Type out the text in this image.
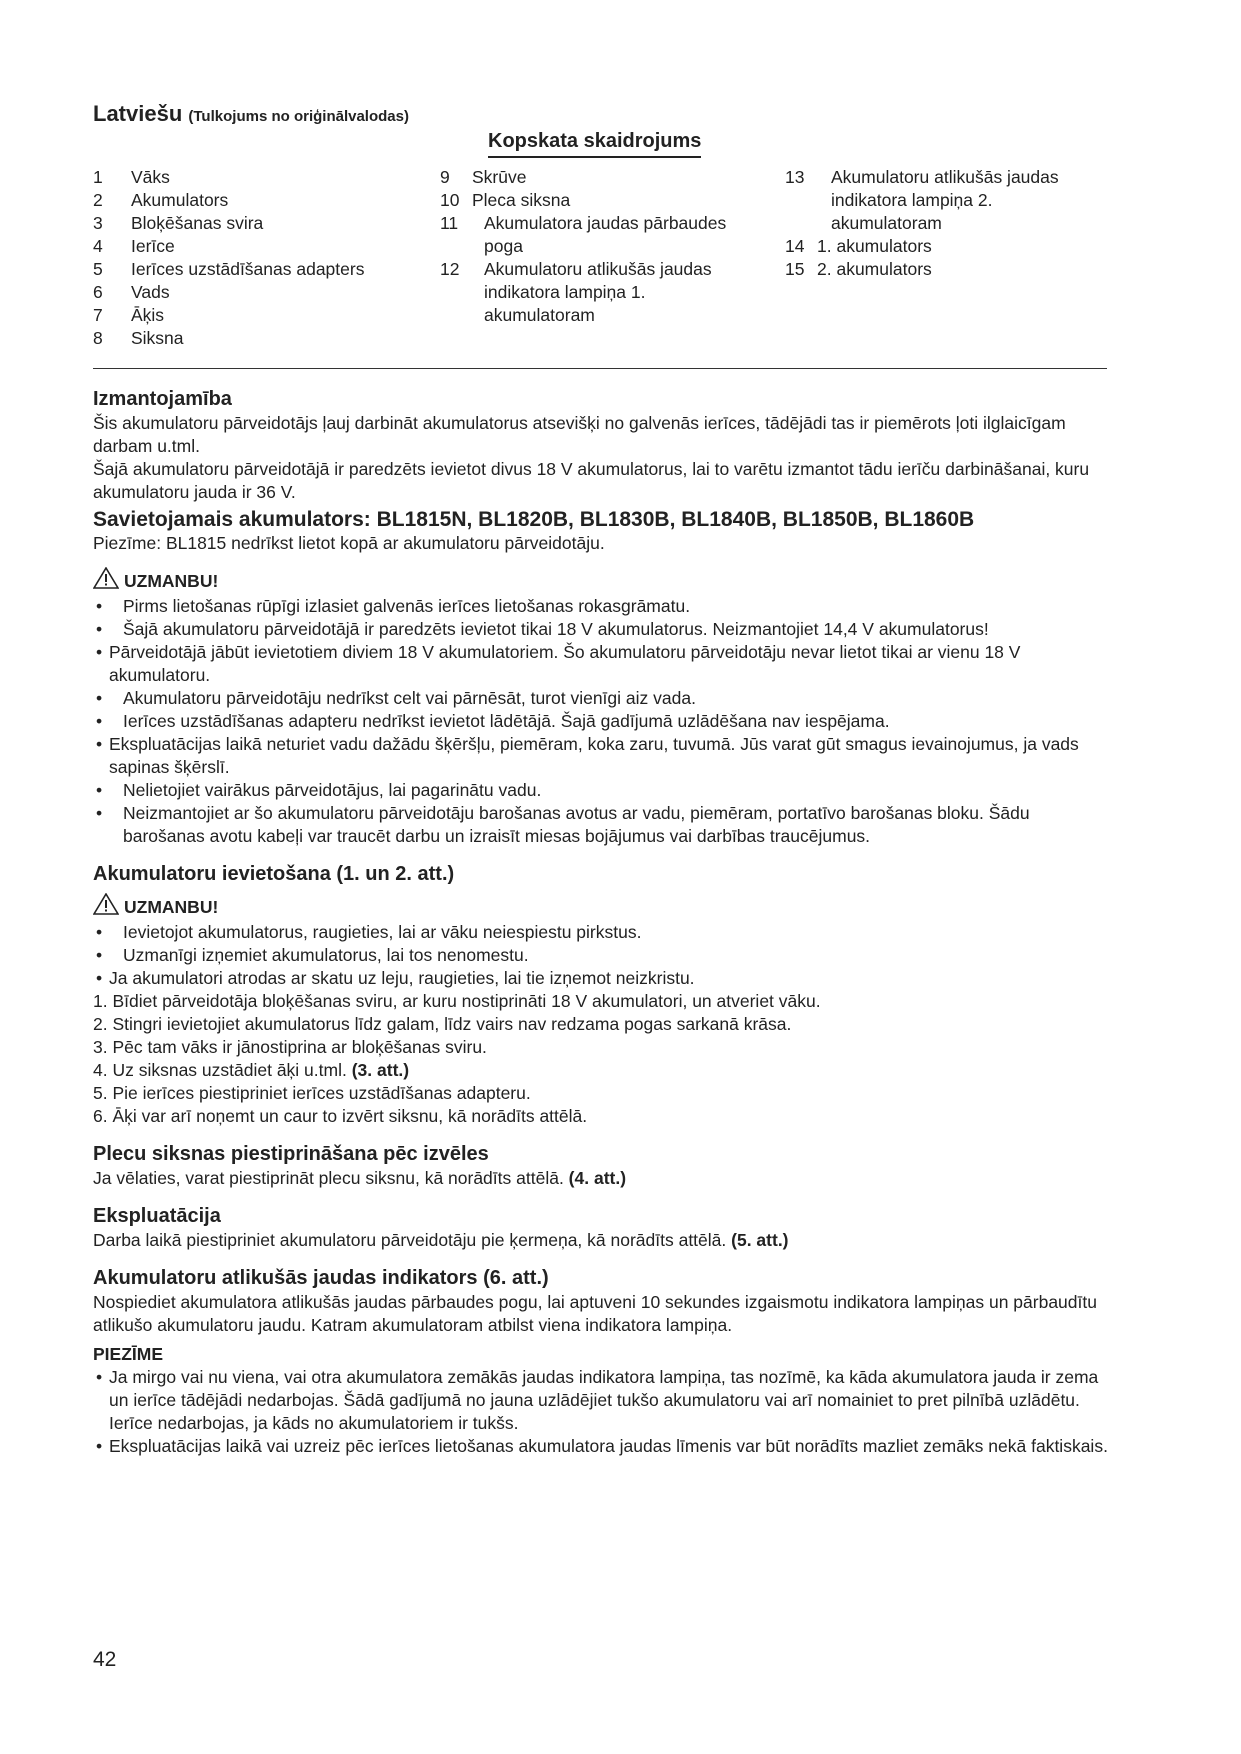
Latviešu (Tulkojums no oriģinālvalodas)
Kopskata skaidrojums
1	Vāks
2	Akumulators
3	Bloķēšanas svira
4	Ierīce
5	Ierīces uzstādīšanas adapters
6	Vads
7	Āķis
8	Siksna
9	Skrūve
10 Pleca siksna
11	Akumulatora jaudas pārbaudes poga
12	Akumulatoru atlikušās jaudas indikatora lampiņa 1. akumulatoram
13	Akumulatoru atlikušās jaudas indikatora lampiņa 2. akumulatoram
14 1. akumulators
15 2. akumulators
Izmantojamība

Šis akumulatoru pārveidotājs ļauj darbināt akumulatorus atsevišķi no galvenās ierīces, tādējādi tas ir piemērots ļoti ilglaicīgam darbam u.tml.

Šajā akumulatoru pārveidotājā ir paredzēts ievietot divus 18 V akumulatorus, lai to varētu izmantot tādu ierīču darbināšanai, kuru akumulatoru jauda ir 36 V.

Savietojamais akumulators: BL1815N, BL1820B, BL1830B, BL1840B, BL1850B, BL1860B

Piezīme: BL1815 nedrīkst lietot kopā ar akumulatoru pārveidotāju.

UZMANBU!
• Pirms lietošanas rūpīgi izlasiet galvenās ierīces lietošanas rokasgrāmatu.
• Šajā akumulatoru pārveidotājā ir paredzēts ievietot tikai 18 V akumulatorus. Neizmantojiet 14,4 V akumulatorus!
• Pārveidotājā jābūt ievietotiem diviem 18 V akumulatoriem. Šo akumulatoru pārveidotāju nevar lietot tikai ar vienu 18 V akumulatoru.
• Akumulatoru pārveidotāju nedrīkst celt vai pārnēsāt, turot vienīgi aiz vada.
• Ierīces uzstādīšanas adapteru nedrīkst ievietot lādētājā. Šajā gadījumā uzlādēšana nav iespējama.
• Ekspluatācijas laikā neturiet vadu dažādu šķēršļu, piemēram, koka zaru, tuvumā. Jūs varat gūt smagus ievainojumus, ja vads sapinas šķērslī.
• Nelietojiet vairākus pārveidotājus, lai pagarinātu vadu.
• Neizmantojiet ar šo akumulatoru pārveidotāju barošanas avotus ar vadu, piemēram, portatīvo barošanas bloku. Šādu barošanas avotu kabeļi var traucēt darbu un izraisīt miesas bojājumus vai darbības traucējumus.
Akumulatoru ievietošana (1. un 2. att.)
UZMANBU!
• Ievietojot akumulatorus, raugieties, lai ar vāku neiespiestu pirkstus.
• Uzmanīgi izņemiet akumulatorus, lai tos nenomestu.
• Ja akumulatori atrodas ar skatu uz leju, raugieties, lai tie izņemot neizkristu.
1. Bīdiet pārveidotāja bloķēšanas sviru, ar kuru nostiprināti 18 V akumulatori, un atveriet vāku.
2. Stingri ievietojiet akumulatorus līdz galam, līdz vairs nav redzama pogas sarkanā krāsa.
3. Pēc tam vāks ir jānostiprina ar bloķēšanas sviru.
4. Uz siksnas uzstādiet āķi u.tml. (3. att.)
5. Pie ierīces piestipriniet ierīces uzstādīšanas adapteru.
6. Āķi var arī noņemt un caur to izvērt siksnu, kā norādīts attēlā.
Plecu siksnas piestiprināšana pēc izvēles

Ja vēlaties, varat piestiprināt plecu siksnu, kā norādīts attēlā. (4. att.)

Ekspluatācija

Darba laikā piestipriniet akumulatoru pārveidotāju pie ķermeņa, kā norādīts attēlā. (5. att.)

Akumulatoru atlikušās jaudas indikators (6. att.)

Nospiediet akumulatora atlikušās jaudas pārbaudes pogu, lai aptuveni 10 sekundes izgaismotu indikatora lampiņas un pārbaudītu atlikušo akumulatoru jaudu. Katram akumulatoram atbilst viena indikatora lampiņa.

PIEZĪME
• Ja mirgo vai nu viena, vai otra akumulatora zemākās jaudas indikatora lampiņa, tas nozīmē, ka kāda akumulatora jauda ir zema un ierīce tādējādi nedarbojas. Šādā gadījumā no jauna uzlādējiet tukšo akumulatoru vai arī nomainiet to pret pilnībā uzlādētu. Ierīce nedarbojas, ja kāds no akumulatoriem ir tukšs.
• Ekspluatācijas laikā vai uzreiz pēc ierīces lietošanas akumulatora jaudas līmenis var būt norādīts mazliet zemāks nekā faktiskais.
42
